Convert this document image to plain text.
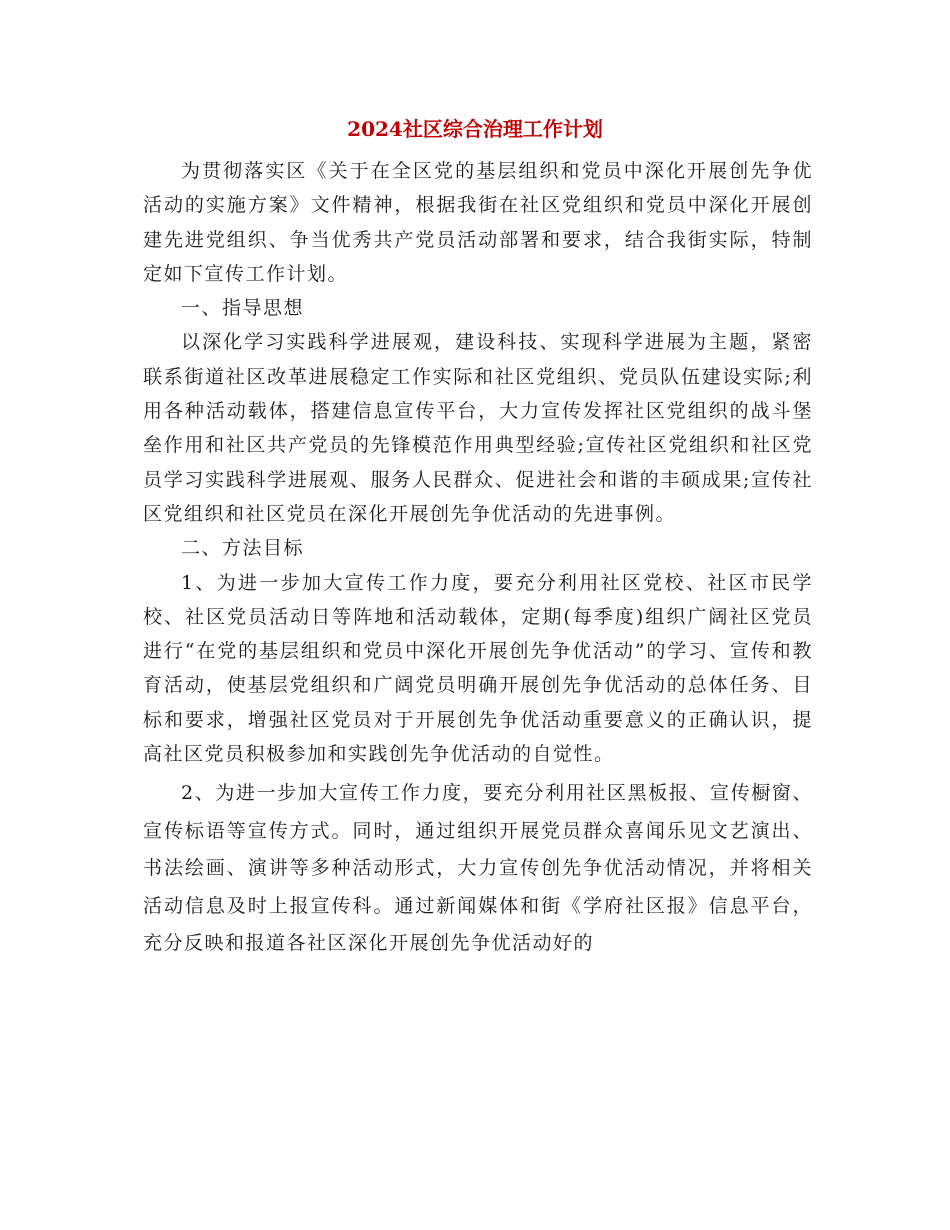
2024社区综合治理工作计划

为贯彻落实区《关于在全区党的基层组织和党员中深化开展创先争优活动的实施方案》文件精神，根据我街在社区党组织和党员中深化开展创建先进党组织、争当优秀共产党员活动部署和要求，结合我街实际，特制定如下宣传工作计划。

一、指导思想

以深化学习实践科学进展观，建设科技、实现科学进展为主题，紧密联系街道社区改革进展稳定工作实际和社区党组织、党员队伍建设实际;利用各种活动载体，搭建信息宣传平台，大力宣传发挥社区党组织的战斗堡垒作用和社区共产党员的先锋模范作用典型经验;宣传社区党组织和社区党员学习实践科学进展观、服务人民群众、促进社会和谐的丰硕成果;宣传社区党组织和社区党员在深化开展创先争优活动的先进事例。

二、方法目标

1、为进一步加大宣传工作力度，要充分利用社区党校、社区市民学校、社区党员活动日等阵地和活动载体，定期(每季度)组织广阔社区党员进行“在党的基层组织和党员中深化开展创先争优活动”的学习、宣传和教育活动，使基层党组织和广阔党员明确开展创先争优活动的总体任务、目标和要求，增强社区党员对于开展创先争优活动重要意义的正确认识，提高社区党员积极参加和实践创先争优活动的自觉性。

2、为进一步加大宣传工作力度，要充分利用社区黑板报、宣传橱窗、宣传标语等宣传方式。同时，通过组织开展党员群众喜闻乐见文艺演出、书法绘画、演讲等多种活动形式，大力宣传创先争优活动情况，并将相关活动信息及时上报宣传科。通过新闻媒体和街《学府社区报》信息平台，充分反映和报道各社区深化开展创先争优活动好的
